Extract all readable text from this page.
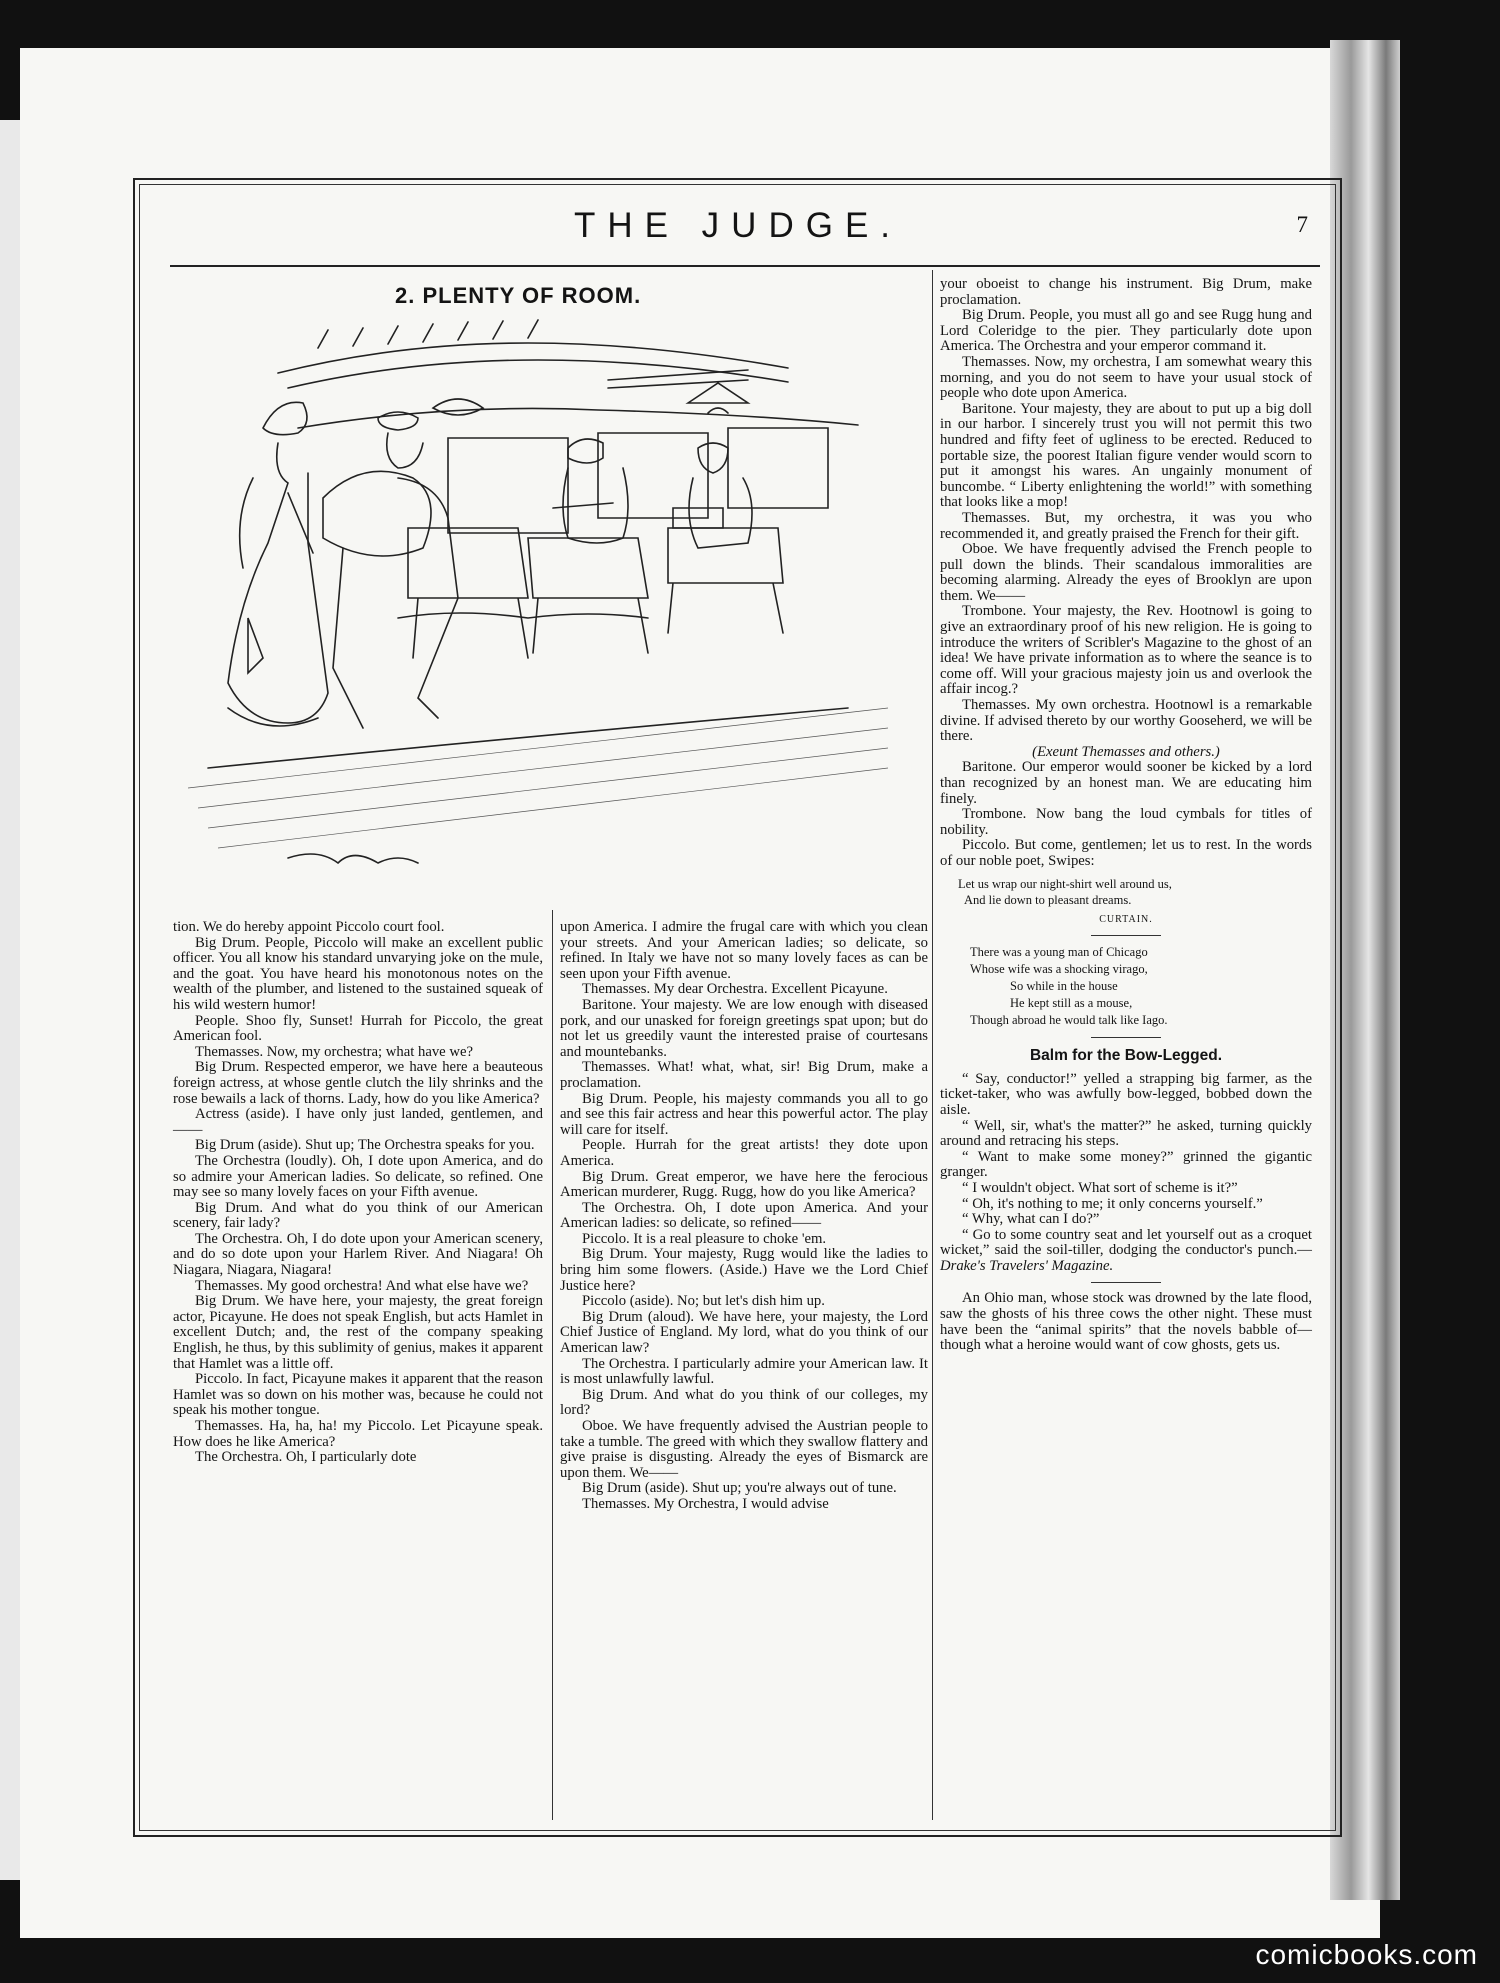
THE JUDGE.	7
2. PLENTY OF ROOM.

tion. We do hereby appoint Piccolo court fool.

Big Drum. People, Piccolo will make an excellent public officer. You all know his standard unvarying joke on the mule, and the goat. You have heard his monotonous notes on the wealth of the plumber, and listened to the sustained squeak of his wild western humor!

People. Shoo fly, Sunset! Hurrah for Piccolo, the great American fool.

Themasses. Now, my orchestra; what have we?

Big Drum. Respected emperor, we have here a beauteous foreign actress, at whose gentle clutch the lily shrinks and the rose bewails a lack of thorns. Lady, how do you like America?

Actress (aside). I have only just landed, gentlemen, and——

Big Drum (aside). Shut up; The Orchestra speaks for you.

The Orchestra (loudly). Oh, I dote upon America, and do so admire your American ladies. So delicate, so refined. One may see so many lovely faces on your Fifth avenue.

Big Drum. And what do you think of our American scenery, fair lady?

The Orchestra. Oh, I do dote upon your American scenery, and do so dote upon your Harlem River. And Niagara! Oh Niagara, Niagara, Niagara!

Themasses. My good orchestra! And what else have we?

Big Drum. We have here, your majesty, the great foreign actor, Picayune. He does not speak English, but acts Hamlet in excellent Dutch; and, the rest of the company speaking English, he thus, by this sublimity of genius, makes it apparent that Hamlet was a little off.

Piccolo. In fact, Picayune makes it apparent that the reason Hamlet was so down on his mother was, because he could not speak his mother tongue.

Themasses. Ha, ha, ha! my Piccolo. Let Picayune speak. How does he like America?

The Orchestra. Oh, I particularly dote

upon America. I admire the frugal care with which you clean your streets. And your American ladies; so delicate, so refined. In Italy we have not so many lovely faces as can be seen upon your Fifth avenue.

Themasses. My dear Orchestra. Excellent Picayune.

Baritone. Your majesty. We are low enough with diseased pork, and our unasked for foreign greetings spat upon; but do not let us greedily vaunt the interested praise of courtesans and mountebanks.

Themasses. What! what, what, sir! Big Drum, make a proclamation.

Big Drum. People, his majesty commands you all to go and see this fair actress and hear this powerful actor. The play will care for itself.

People. Hurrah for the great artists! they dote upon America.

Big Drum. Great emperor, we have here the ferocious American murderer, Rugg. Rugg, how do you like America?

The Orchestra. Oh, I dote upon America. And your American ladies: so delicate, so refined——

Piccolo. It is a real pleasure to choke 'em.

Big Drum. Your majesty, Rugg would like the ladies to bring him some flowers. (Aside.) Have we the Lord Chief Justice here?

Piccolo (aside). No; but let's dish him up.

Big Drum (aloud). We have here, your majesty, the Lord Chief Justice of England. My lord, what do you think of our American law?

The Orchestra. I particularly admire your American law. It is most unlawfully lawful.

Big Drum. And what do you think of our colleges, my lord?

Oboe. We have frequently advised the Austrian people to take a tumble. The greed with which they swallow flattery and give praise is disgusting. Already the eyes of Bismarck are upon them. We——

Big Drum (aside). Shut up; you're always out of tune.

Themasses. My Orchestra, I would advise

your oboeist to change his instrument. Big Drum, make proclamation.

Big Drum. People, you must all go and see Rugg hung and Lord Coleridge to the pier. They particularly dote upon America. The Orchestra and your emperor command it.

Themasses. Now, my orchestra, I am somewhat weary this morning, and you do not seem to have your usual stock of people who dote upon America.

Baritone. Your majesty, they are about to put up a big doll in our harbor. I sincerely trust you will not permit this two hundred and fifty feet of ugliness to be erected. Reduced to portable size, the poorest Italian figure vender would scorn to put it amongst his wares. An ungainly monument of buncombe. “ Liberty enlightening the world!” with something that looks like a mop!

Themasses. But, my orchestra, it was you who recommended it, and greatly praised the French for their gift.

Oboe. We have frequently advised the French people to pull down the blinds. Their scandalous immoralities are becoming alarming. Already the eyes of Brooklyn are upon them. We——

Trombone. Your majesty, the Rev. Hootnowl is going to give an extraordinary proof of his new religion. He is going to introduce the writers of Scribler's Magazine to the ghost of an idea! We have private information as to where the seance is to come off. Will your gracious majesty join us and overlook the affair incog.?

Themasses. My own orchestra. Hootnowl is a remarkable divine. If advised thereto by our worthy Gooseherd, we will be there.

(Exeunt Themasses and others.)

Baritone. Our emperor would sooner be kicked by a lord than recognized by an honest man. We are educating him finely.

Trombone. Now bang the loud cymbals for titles of nobility.

Piccolo. But come, gentlemen; let us to rest. In the words of our noble poet, Swipes:

Let us wrap our night-shirt well around us,
And lie down to pleasant dreams.
CURTAIN.
There was a young man of Chicago
Whose wife was a shocking virago,
So while in the house
He kept still as a mouse,
Though abroad he would talk like Iago.
Balm for the Bow-Legged.

“ Say, conductor!” yelled a strapping big farmer, as the ticket-taker, who was awfully bow-legged, bobbed down the aisle.

“ Well, sir, what's the matter?” he asked, turning quickly around and retracing his steps.

“ Want to make some money?” grinned the gigantic granger.

“ I wouldn't object. What sort of scheme is it?”

“ Oh, it's nothing to me; it only concerns yourself.”

“ Why, what can I do?”

“ Go to some country seat and let yourself out as a croquet wicket,” said the soil-tiller, dodging the conductor's punch.—Drake's Travelers' Magazine.

An Ohio man, whose stock was drowned by the late flood, saw the ghosts of his three cows the other night. These must have been the “animal spirits” that the novels babble of—though what a heroine would want of cow ghosts, gets us.

comicbooks.com
